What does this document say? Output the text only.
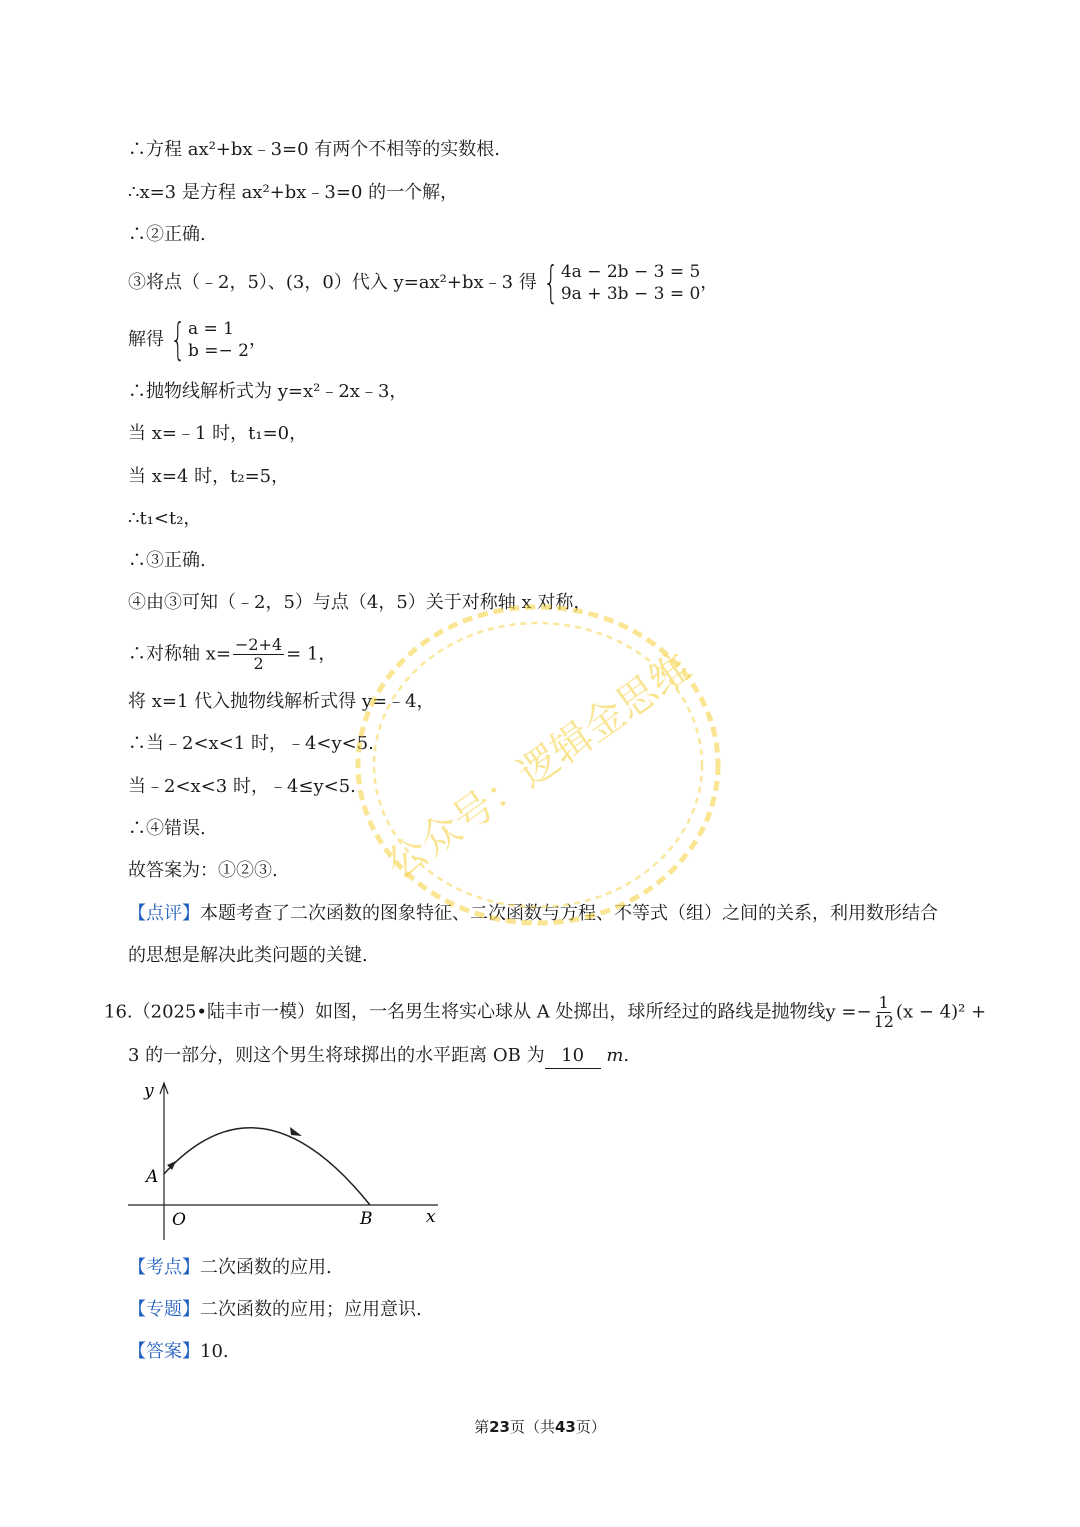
∴方程 ax²+bx﹣3=0 有两个不相等的实数根.
∴x=3 是方程 ax²+bx﹣3=0 的一个解，
∴②正确.
③将点（﹣2，5）、(3，0）代入 y=ax²+bx﹣3 得 { 4a − 2b − 3 = 5
9a + 3b − 3 = 0
，
解得 { a = 1
b =− 2
，
∴抛物线解析式为 y=x²﹣2x﹣3，
当 x=﹣1 时，t₁=0，
当 x=4 时，t₂=5，
∴t₁<t₂，
∴③正确.
④由③可知（﹣2，5）与点（4，5）关于对称轴 x 对称，
∴对称轴 $x= \frac{-2+4}{2} = 1$，
将 x=1 代入抛物线解析式得 y=﹣4，
∴当﹣2<x<1 时，﹣4<y<5.
当﹣2<x<3 时，﹣4≤y<5.
∴④错误.
故答案为：①②③.
【点评】本题考查了二次函数的图象特征、二次函数与方程、不等式（组）之间的关系，利用数形结合
的思想是解决此类问题的关键.
16.（2025•陆丰市一模）如图，一名男生将实心球从 A 处掷出，球所经过的路线是抛物线$y =- \frac{1}{12} (x - 4)^2$ +
3 的一部分，则这个男生将球掷出的水平距离 OB 为 10 m.
y
A
O	B	x
【考点】二次函数的应用.
【专题】二次函数的应用；应用意识.
【答案】10.
第23页（共43页）
公众号：逻辑金思维
